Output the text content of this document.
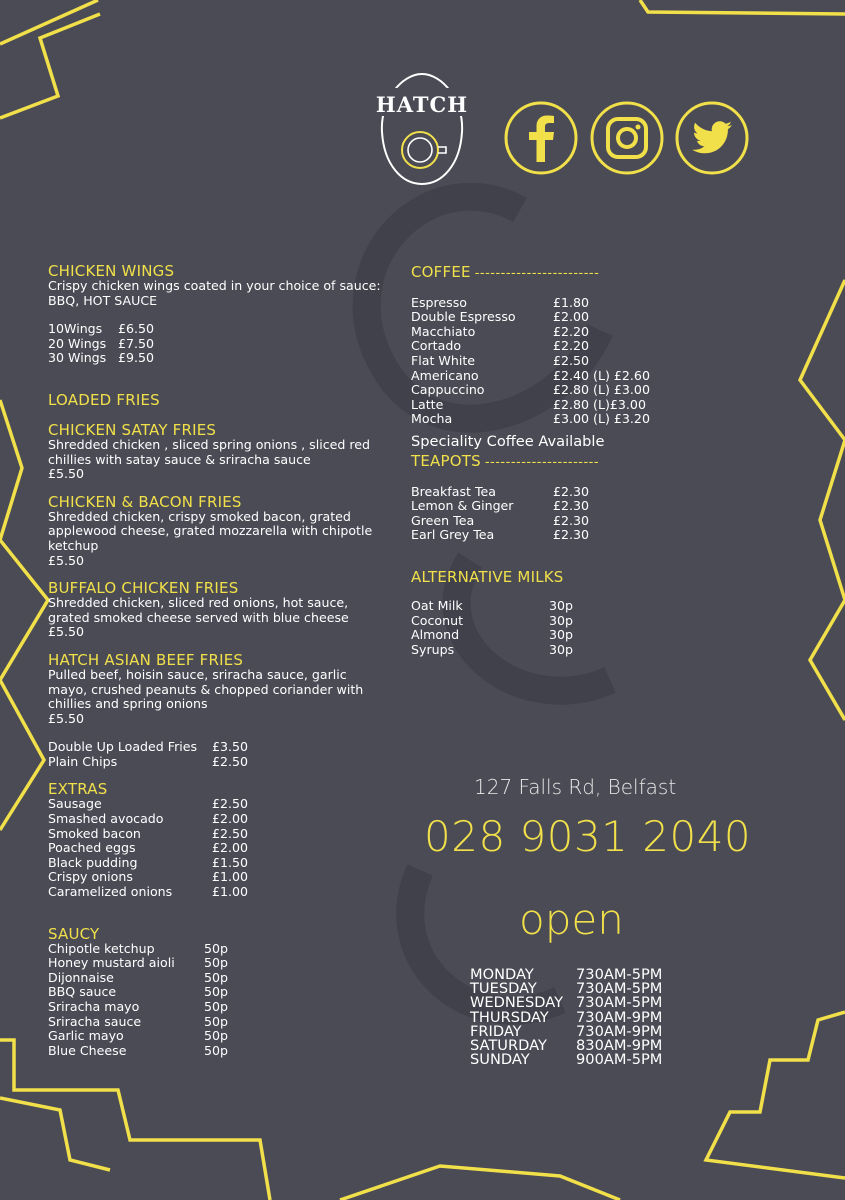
HATCH
CHICKEN WINGS
Crispy chicken wings coated in your choice of sauce: BBQ, HOT SAUCE
10Wings	£6.50
20 Wings £7.50
30 Wings £9.50
LOADED FRIES
CHICKEN SATAY FRIES
Shredded chicken , sliced spring onions , sliced red chillies with satay sauce & sriracha sauce
£5.50
CHICKEN & BACON FRIES
Shredded chicken, crispy smoked bacon, grated applewood cheese, grated mozzarella with chipotle ketchup
£5.50
BUFFALO CHICKEN FRIES
Shredded chicken, sliced red onions, hot sauce, grated smoked cheese served with blue cheese
£5.50
HATCH ASIAN BEEF FRIES
Pulled beef, hoisin sauce, sriracha sauce, garlic mayo, crushed peanuts & chopped coriander with chillies and spring onions
£5.50
Double Up Loaded Fries	£3.50
Plain Chips	£2.50
EXTRAS
Sausage	£2.50
Smashed avocado	£2.00
Smoked bacon	£2.50
Poached eggs	£2.00
Black pudding	£1.50
Crispy onions	£1.00
Caramelized onions	£1.00
SAUCY
Chipotle ketchup	50p
Honey mustard aioli	50p
Dijonnaise	50p
BBQ sauce	50p
Sriracha mayo	50p
Sriracha sauce	50p
Garlic mayo	50p
Blue Cheese	50p
COFFEE ------------------------
Espresso	£1.80
Double Espresso	£2.00
Macchiato	£2.20
Cortado	£2.20
Flat White	£2.50
Americano	£2.40 (L) £2.60
Cappuccino	£2.80 (L) £3.00
Latte	£2.80 (L)£3.00
Mocha	£3.00 (L) £3.20
Speciality Coffee Available
TEAPOTS ----------------------
Breakfast Tea	£2.30
Lemon & Ginger	£2.30
Green Tea	£2.30
Earl Grey Tea	£2.30
ALTERNATIVE MILKS
Oat Milk	30p
Coconut	30p
Almond	30p
Syrups	30p
127 Falls Rd, Belfast
028 9031 2040
open
MONDAY	730AM-5PM
TUESDAY	730AM-5PM
WEDNESDAY 730AM-5PM
THURSDAY 730AM-9PM
FRIDAY	730AM-9PM
SATURDAY 830AM-9PM
SUNDAY	900AM-5PM
